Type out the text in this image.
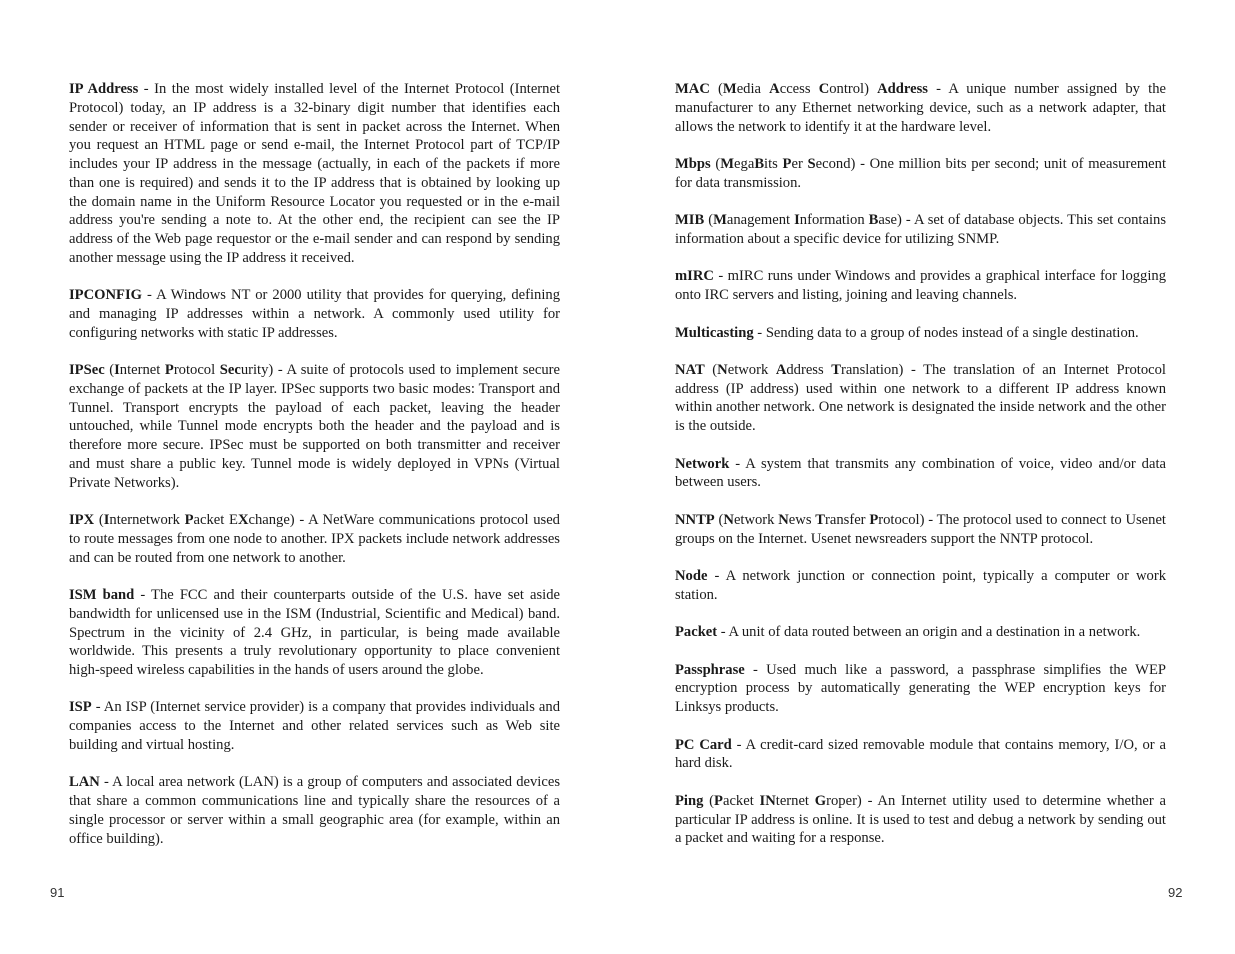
IP Address - In the most widely installed level of the Internet Protocol (Internet Protocol) today, an IP address is a 32-binary digit number that identifies each sender or receiver of information that is sent in packet across the Internet. When you request an HTML page or send e-mail, the Internet Protocol part of TCP/IP includes your IP address in the message (actually, in each of the packets if more than one is required) and sends it to the IP address that is obtained by looking up the domain name in the Uniform Resource Locator you requested or in the e-mail address you're sending a note to. At the other end, the recipient can see the IP address of the Web page requestor or the e-mail sender and can respond by sending another message using the IP address it received.

IPCONFIG - A Windows NT or 2000 utility that provides for querying, defining and managing IP addresses within a network. A commonly used utility for configuring networks with static IP addresses.

IPSec (Internet Protocol Security) - A suite of protocols used to implement secure exchange of packets at the IP layer. IPSec supports two basic modes: Transport and Tunnel. Transport encrypts the payload of each packet, leaving the header untouched, while Tunnel mode encrypts both the header and the payload and is therefore more secure. IPSec must be supported on both transmitter and receiver and must share a public key. Tunnel mode is widely deployed in VPNs (Virtual Private Networks).

IPX (Internetwork Packet EXchange) - A NetWare communications protocol used to route messages from one node to another. IPX packets include network addresses and can be routed from one network to another.

ISM band - The FCC and their counterparts outside of the U.S. have set aside bandwidth for unlicensed use in the ISM (Industrial, Scientific and Medical) band. Spectrum in the vicinity of 2.4 GHz, in particular, is being made available worldwide. This presents a truly revolutionary opportunity to place convenient high-speed wireless capabilities in the hands of users around the globe.

ISP - An ISP (Internet service provider) is a company that provides individuals and companies access to the Internet and other related services such as Web site building and virtual hosting.

LAN - A local area network (LAN) is a group of computers and associated devices that share a common communications line and typically share the resources of a single processor or server within a small geographic area (for example, within an office building).

MAC (Media Access Control) Address - A unique number assigned by the manufacturer to any Ethernet networking device, such as a network adapter, that allows the network to identify it at the hardware level.

Mbps (MegaBits Per Second) - One million bits per second; unit of measurement for data transmission.

MIB (Management Information Base) - A set of database objects. This set contains information about a specific device for utilizing SNMP.

mIRC - mIRC runs under Windows and provides a graphical interface for logging onto IRC servers and listing, joining and leaving channels.

Multicasting - Sending data to a group of nodes instead of a single destination.

NAT (Network Address Translation) - The translation of an Internet Protocol address (IP address) used within one network to a different IP address known within another network. One network is designated the inside network and the other is the outside.

Network - A system that transmits any combination of voice, video and/or data between users.

NNTP (Network News Transfer Protocol) - The protocol used to connect to Usenet groups on the Internet. Usenet newsreaders support the NNTP protocol.

Node - A network junction or connection point, typically a computer or work station.

Packet - A unit of data routed between an origin and a destination in a network.

Passphrase - Used much like a password, a passphrase simplifies the WEP encryption process by automatically generating the WEP encryption keys for Linksys products.

PC Card - A credit-card sized removable module that contains memory, I/O, or a hard disk.

Ping (Packet INternet Groper) - An Internet utility used to determine whether a particular IP address is online. It is used to test and debug a network by sending out a packet and waiting for a response.

91	92
